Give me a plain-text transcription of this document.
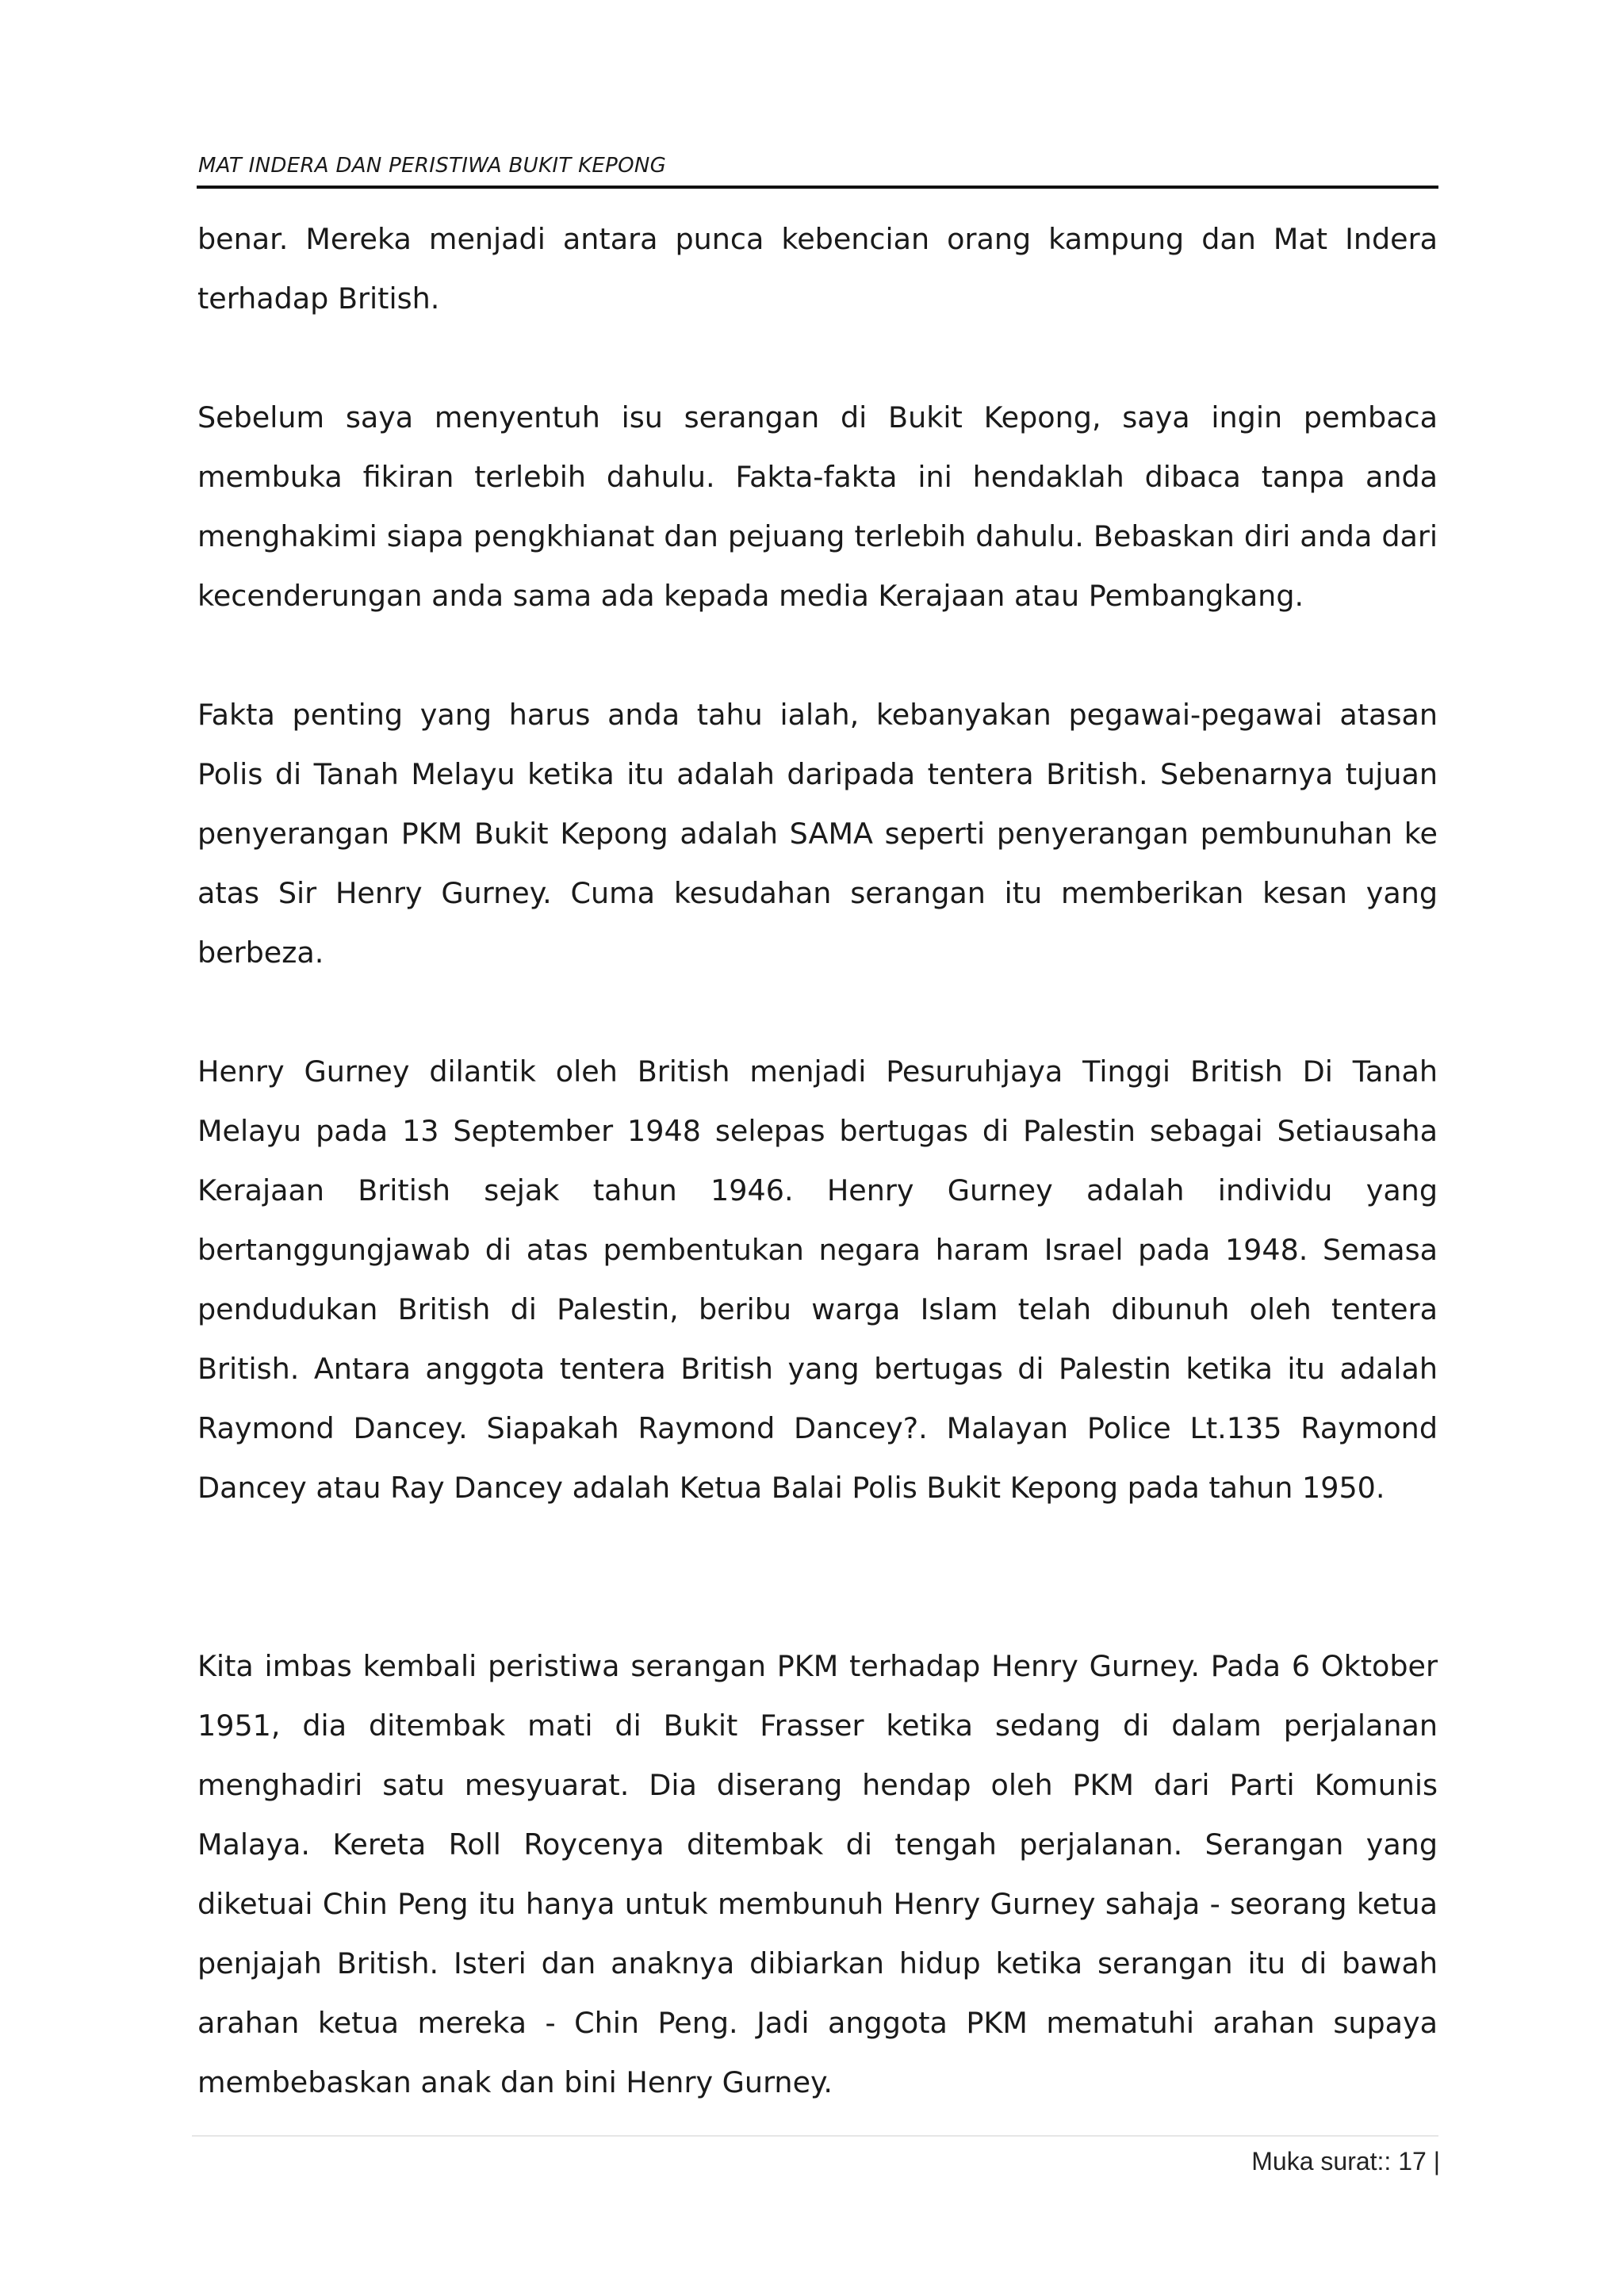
MAT INDERA DAN PERISTIWA BUKIT KEPONG

benar. Mereka menjadi antara punca kebencian orang kampung dan Mat Indera terhadap British.

Sebelum saya menyentuh isu serangan di Bukit Kepong, saya ingin pembaca membuka fikiran terlebih dahulu. Fakta-fakta ini hendaklah dibaca tanpa anda menghakimi siapa pengkhianat dan pejuang terlebih dahulu. Bebaskan diri anda dari kecenderungan anda sama ada kepada media Kerajaan atau Pembangkang.

Fakta penting yang harus anda tahu ialah, kebanyakan pegawai-pegawai atasan Polis di Tanah Melayu ketika itu adalah daripada tentera British. Sebenarnya tujuan penyerangan PKM Bukit Kepong adalah SAMA seperti penyerangan pembunuhan ke atas Sir Henry Gurney. Cuma kesudahan serangan itu memberikan kesan yang berbeza.

Henry Gurney dilantik oleh British menjadi Pesuruhjaya Tinggi British Di Tanah Melayu pada 13 September 1948 selepas bertugas di Palestin sebagai Setiausaha Kerajaan British sejak tahun 1946. Henry Gurney adalah individu yang bertanggungjawab di atas pembentukan negara haram Israel pada 1948. Semasa pendudukan British di Palestin, beribu warga Islam telah dibunuh oleh tentera British. Antara anggota tentera British yang bertugas di Palestin ketika itu adalah Raymond Dancey. Siapakah Raymond Dancey?. Malayan Police Lt.135 Raymond Dancey atau Ray Dancey adalah Ketua Balai Polis Bukit Kepong pada tahun 1950.

Kita imbas kembali peristiwa serangan PKM terhadap Henry Gurney. Pada 6 Oktober 1951, dia ditembak mati di Bukit Frasser ketika sedang di dalam perjalanan menghadiri satu mesyuarat. Dia diserang hendap oleh PKM dari Parti Komunis Malaya. Kereta Roll Roycenya ditembak di tengah perjalanan. Serangan yang diketuai Chin Peng itu hanya untuk membunuh Henry Gurney sahaja - seorang ketua penjajah British. Isteri dan anaknya dibiarkan hidup ketika serangan itu di bawah arahan ketua mereka - Chin Peng. Jadi anggota PKM mematuhi arahan supaya membebaskan anak dan bini Henry Gurney.

Muka surat:: 17 |
